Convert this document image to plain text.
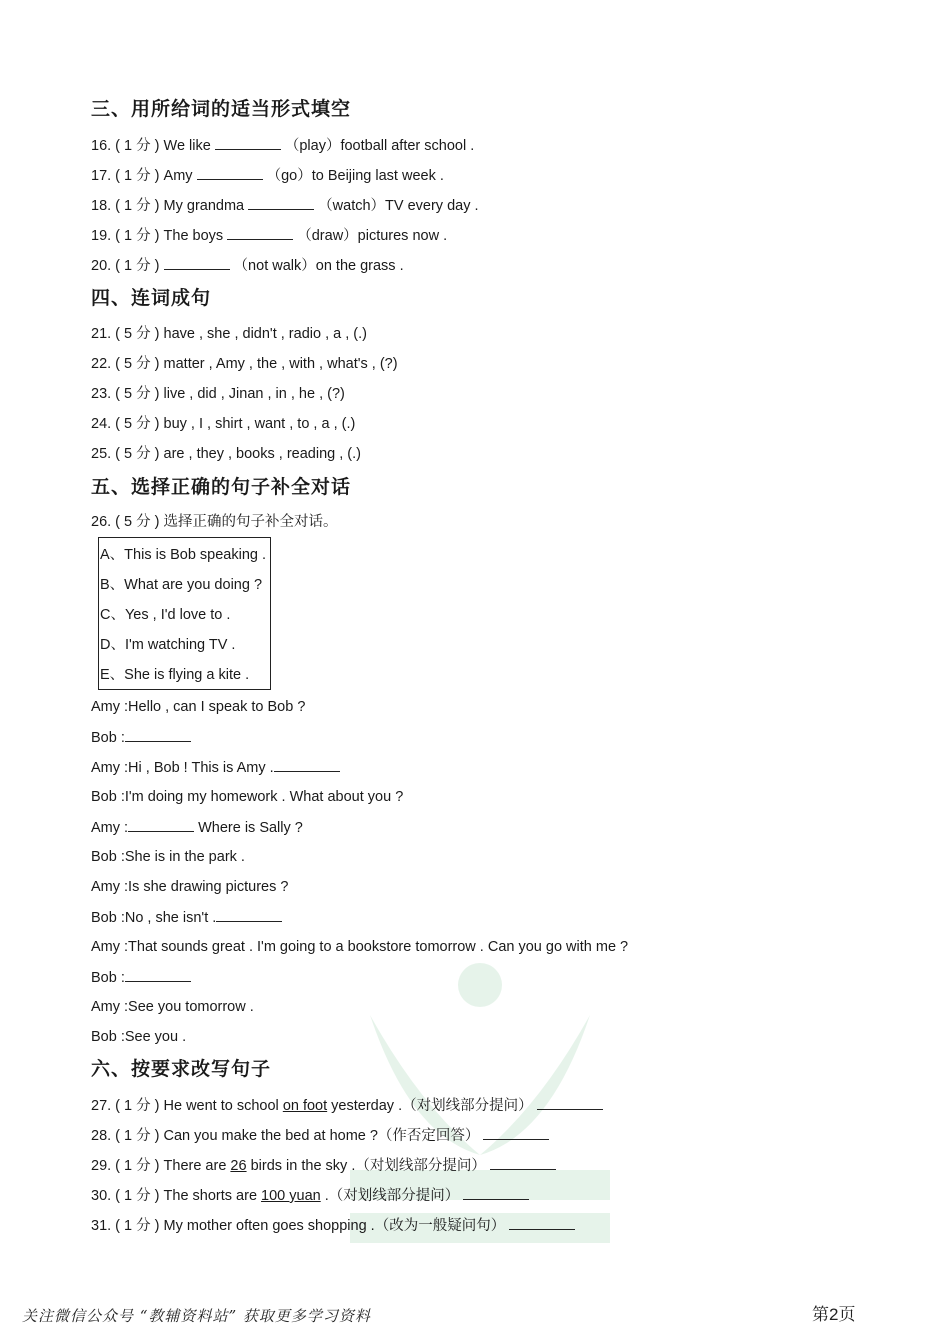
三、用所给词的适当形式填空
16. ( 1 分 ) We like	（play）football after school .
17. ( 1 分 ) Amy	（go）to Beijing last week .
18. ( 1 分 ) My grandma	（watch）TV every day .
19. ( 1 分 ) The boys	（draw）pictures now .
20. ( 1 分 )	（not walk）on the grass .
四、连词成句
21. ( 5 分 ) have , she , didn't , radio , a , (.)
22. ( 5 分 ) matter , Amy , the , with , what's , (?)
23. ( 5 分 ) live , did , Jinan , in , he , (?)
24. ( 5 分 ) buy , I , shirt , want , to , a , (.)
25. ( 5 分 ) are , they , books , reading , (.)
五、选择正确的句子补全对话
26. ( 5 分 ) 选择正确的句子补全对话。
A、This is Bob speaking .
B、What are you doing ?
C、Yes , I'd love to .
D、I'm watching TV .
E、She is flying a kite .
Amy :Hello , can I speak to Bob ?
Bob :
Amy :Hi , Bob ! This is Amy .
Bob :I'm doing my homework . What about you ?
Amy :	Where is Sally ?
Bob :She is in the park .
Amy :Is she drawing pictures ?
Bob :No , she isn't .
Amy :That sounds great . I'm going to a bookstore tomorrow . Can you go with me ?
Bob :
Amy :See you tomorrow .
Bob :See you .
六、按要求改写句子
27. ( 1 分 ) He went to school on foot yesterday .（对划线部分提问）
28. ( 1 分 ) Can you make the bed at home ?（作否定回答）
29. ( 1 分 ) There are 26 birds in the sky .（对划线部分提问）
30. ( 1 分 ) The shorts are 100 yuan .（对划线部分提问）
31. ( 1 分 ) My mother often goes shopping .（改为一般疑问句）
关注微信公众号 “教辅资料站” 获取更多学习资料	第2页
